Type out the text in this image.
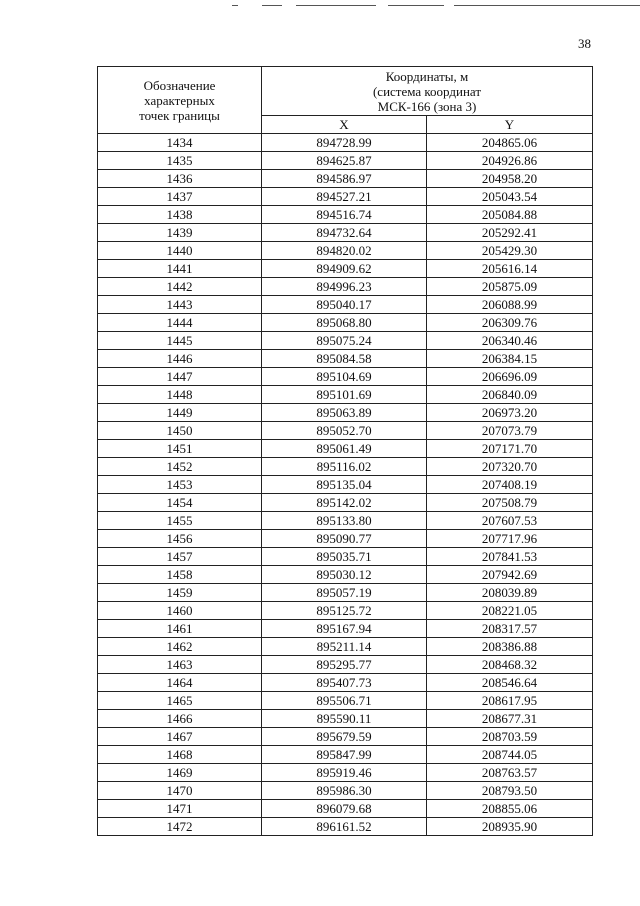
38
Обозначение
характерных
точек границы	Координаты, м
(система координат
МСК-166 (зона 3)	

	X	Y
1434	894728.99	204865.06
1435	894625.87	204926.86
1436	894586.97	204958.20
1437	894527.21	205043.54
1438	894516.74	205084.88
1439	894732.64	205292.41
1440	894820.02	205429.30
1441	894909.62	205616.14
1442	894996.23	205875.09
1443	895040.17	206088.99
1444	895068.80	206309.76
1445	895075.24	206340.46
1446	895084.58	206384.15
1447	895104.69	206696.09
1448	895101.69	206840.09
1449	895063.89	206973.20
1450	895052.70	207073.79
1451	895061.49	207171.70
1452	895116.02	207320.70
1453	895135.04	207408.19
1454	895142.02	207508.79
1455	895133.80	207607.53
1456	895090.77	207717.96
1457	895035.71	207841.53
1458	895030.12	207942.69
1459	895057.19	208039.89
1460	895125.72	208221.05
1461	895167.94	208317.57
1462	895211.14	208386.88
1463	895295.77	208468.32
1464	895407.73	208546.64
1465	895506.71	208617.95
1466	895590.11	208677.31
1467	895679.59	208703.59
1468	895847.99	208744.05
1469	895919.46	208763.57
1470	895986.30	208793.50
1471	896079.68	208855.06
1472	896161.52	208935.90
